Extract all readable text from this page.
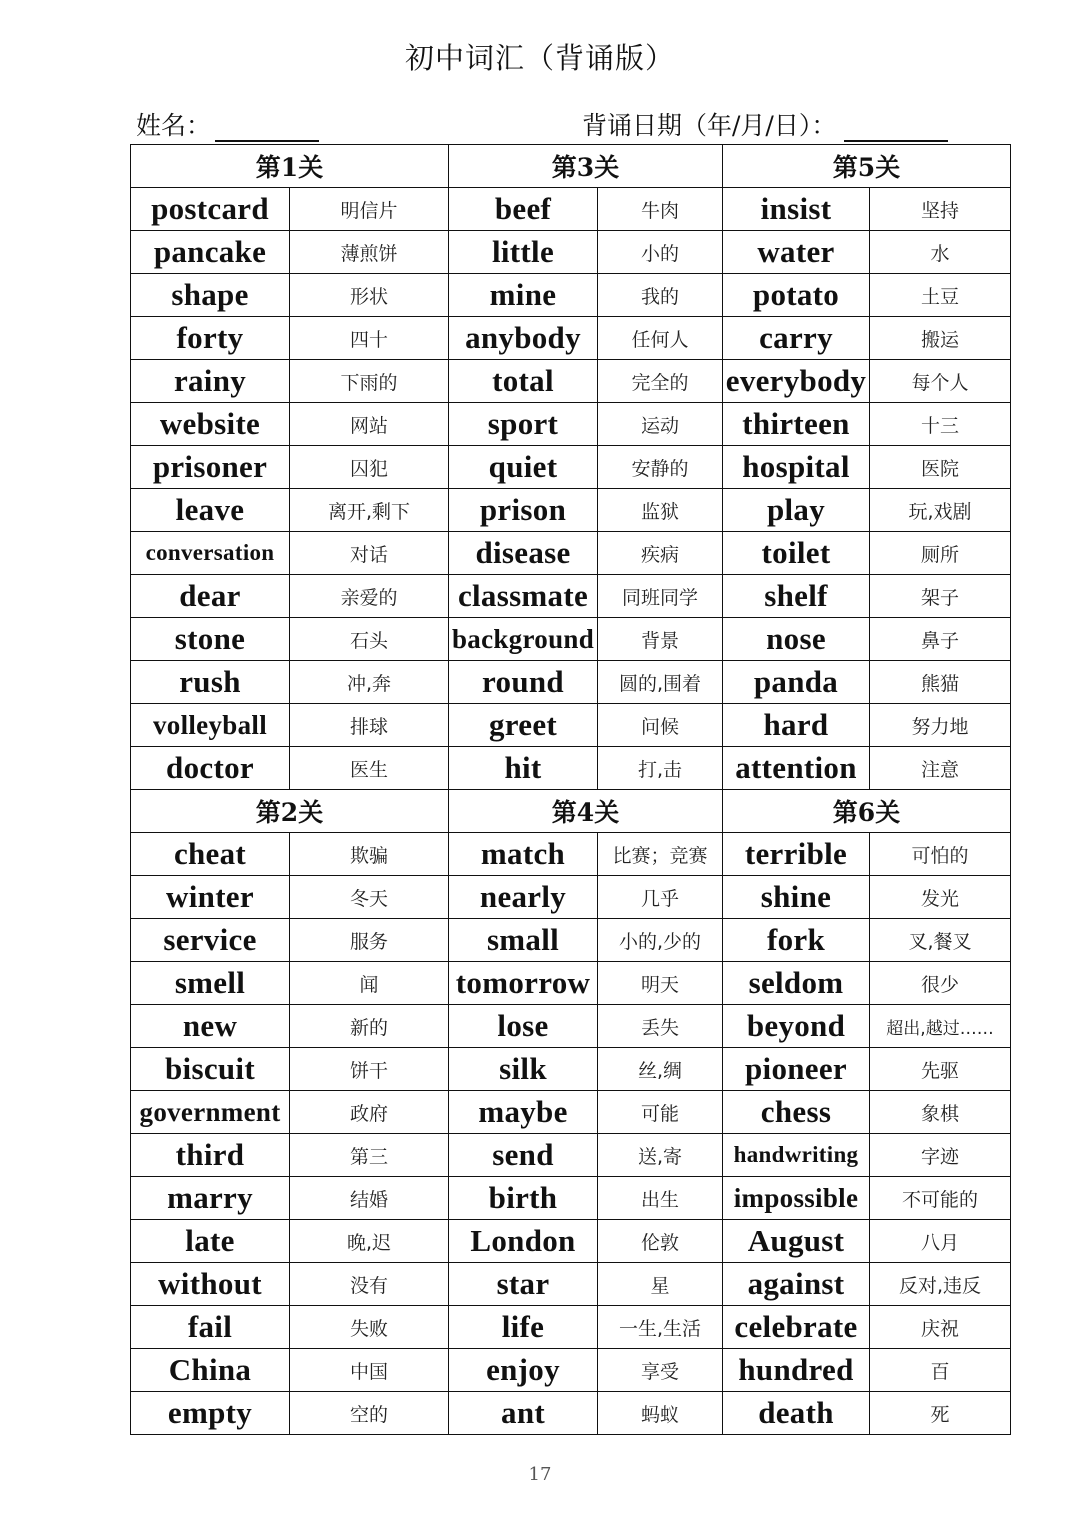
初中词汇（背诵版）
姓名：	背诵日期（年/月/日）：
第1关		第3关		第5关	
postcard	明信片	beef	牛肉	insist	坚持
pancake	薄煎饼	little	小的	water	水
shape	形状	mine	我的	potato	土豆
forty	四十	anybody	任何人	carry	搬运
rainy	下雨的	total	完全的	everybody	每个人
website	网站	sport	运动	thirteen	十三
prisoner	囚犯	quiet	安静的	hospital	医院
leave	离开,剩下	prison	监狱	play	玩,戏剧
conversation	对话	disease	疾病	toilet	厕所
dear	亲爱的	classmate	同班同学	shelf	架子
stone	石头	background	背景	nose	鼻子
rush	冲,奔	round	圆的,围着	panda	熊猫
volleyball	排球	greet	问候	hard	努力地
doctor	医生	hit	打,击	attention	注意
第2关		第4关		第6关	
cheat	欺骗	match	比赛；竞赛	terrible	可怕的
winter	冬天	nearly	几乎	shine	发光
service	服务	small	小的,少的	fork	叉,餐叉
smell	闻	tomorrow	明天	seldom	很少
new	新的	lose	丢失	beyond	超出,越过……
biscuit	饼干	silk	丝,绸	pioneer	先驱
government	政府	maybe	可能	chess	象棋
third	第三	send	送,寄	handwriting	字迹
marry	结婚	birth	出生	impossible	不可能的
late	晚,迟	London	伦敦	August	八月
without	没有	star	星	against	反对,违反
fail	失败	life	一生,生活	celebrate	庆祝
China	中国	enjoy	享受	hundred	百
empty	空的	ant	蚂蚁	death	死
17
